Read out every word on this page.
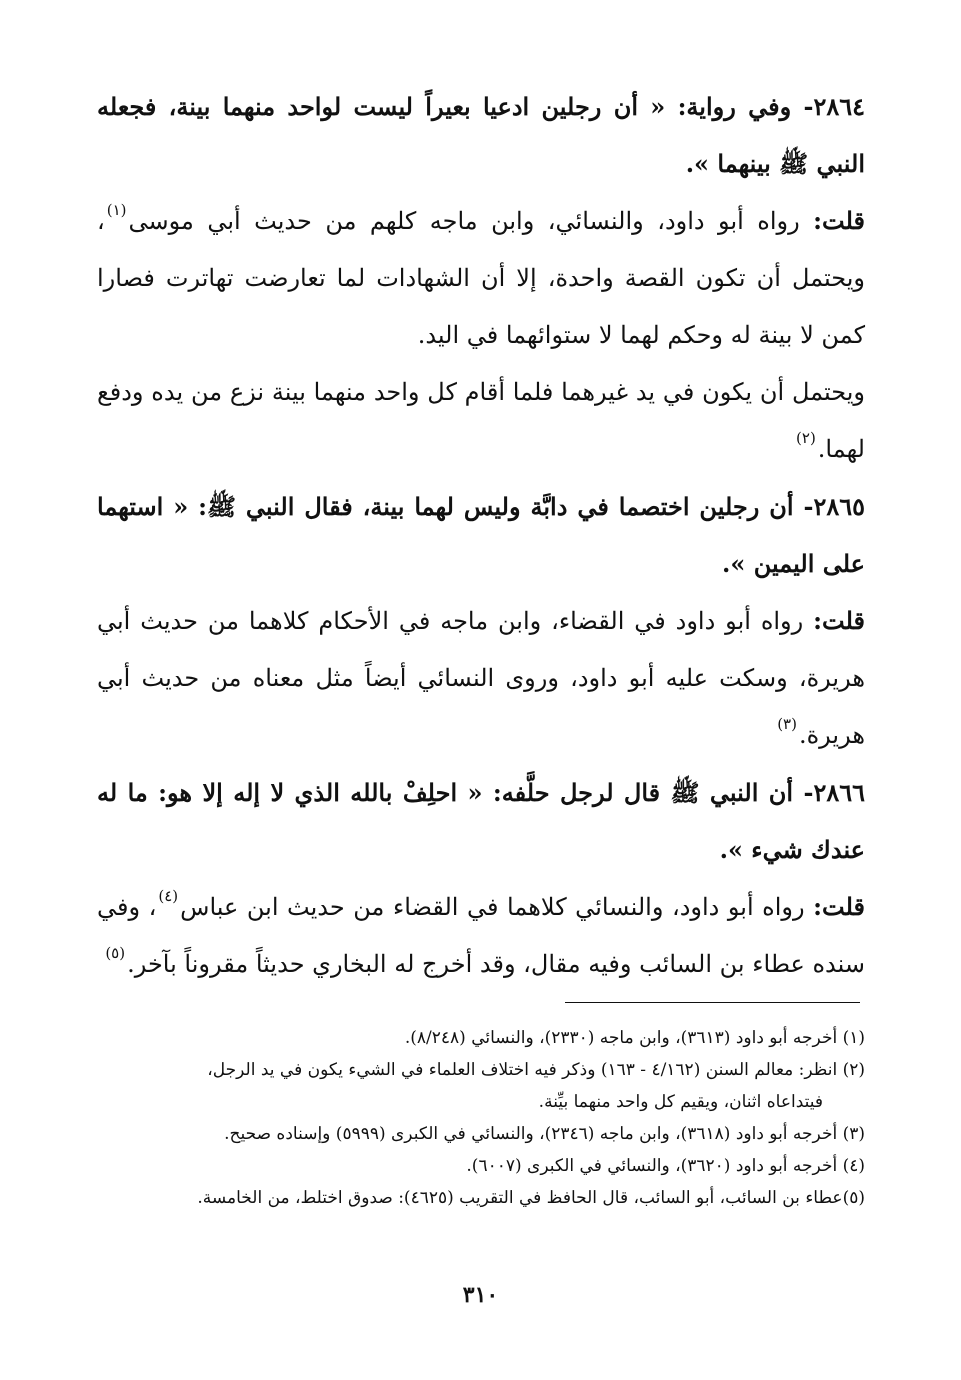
٢٨٦٤- وفي رواية: « أن رجلين ادعيا بعيراً ليست لواحد منهما بينة، فجعله النبي ﷺ بينهما ».

قلت: رواه أبو داود، والنسائي، وابن ماجه كلهم من حديث أبي موسى$^{(١)}$، ويحتمل أن تكون القصة واحدة، إلا أن الشهادات لما تعارضت تهاترت فصارا كمن لا بينة له وحكم لهما لا ستوائهما في اليد.

ويحتمل أن يكون في يد غيرهما فلما أقام كل واحد منهما بينة نزع من يده ودفع لهما.$^{(٢)}$

٢٨٦٥- أن رجلين اختصما في دابَّة وليس لهما بينة، فقال النبي ﷺ: « استهما على اليمين ».

قلت: رواه أبو داود في القضاء، وابن ماجه في الأحكام كلاهما من حديث أبي هريرة، وسكت عليه أبو داود، وروى النسائي أيضاً مثل معناه من حديث أبي هريرة.$^{(٣)}$

٢٨٦٦- أن النبي ﷺ قال لرجل حلَّفه: « احلِفْ بالله الذي لا إله إلا هو: ما له عندك شيء ».

قلت: رواه أبو داود، والنسائي كلاهما في القضاء من حديث ابن عباس$^{(٤)}$، وفي سنده عطاء بن السائب وفيه مقال، وقد أخرج له البخاري حديثاً مقروناً بآخر.$^{(٥)}$

(١) أخرجه أبو داود (٣٦١٣)، وابن ماجه (٢٣٣٠)، والنسائي (٨/٢٤٨).

(٢) انظر: معالم السنن (٤/١٦٢ - ١٦٣) وذكر فيه اختلاف العلماء في الشيء يكون في يد الرجل،

فيتداعاه اثنان، ويقيم كل واحد منهما بيِّنة.

(٣) أخرجه أبو داود (٣٦١٨)، وابن ماجه (٢٣٤٦)، والنسائي في الكبرى (٥٩٩٩) وإسناده صحيح.

(٤) أخرجه أبو داود (٣٦٢٠)، والنسائي في الكبرى (٦٠٠٧).

(٥)عطاء بن السائب، أبو السائب، قال الحافظ في التقريب (٤٦٢٥): صدوق اختلط، من الخامسة.

٣١٠
